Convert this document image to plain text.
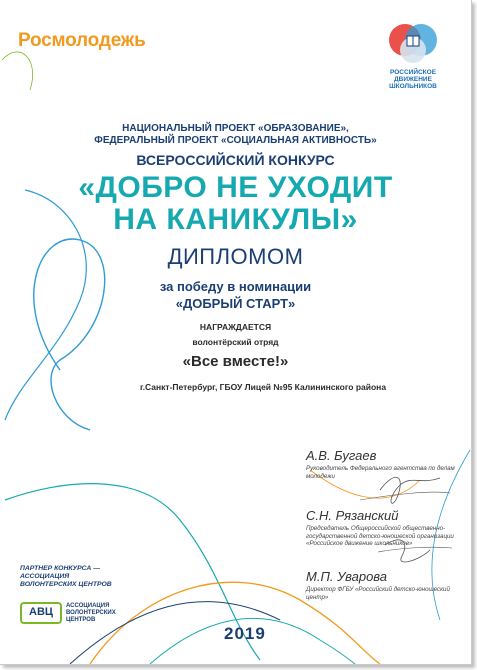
Росмолодежь
РОССИЙСКОЕ ДВИЖЕНИЕ ШКОЛЬНИКОВ
НАЦИОНАЛЬНЫЙ ПРОЕКТ «ОБРАЗОВАНИЕ»,
ФЕДЕРАЛЬНЫЙ ПРОЕКТ «СОЦИАЛЬНАЯ АКТИВНОСТЬ»
ВСЕРОССИЙСКИЙ КОНКУРС
«ДОБРО НЕ УХОДИТ
НА КАНИКУЛЫ»
ДИПЛОМОМ
за победу в номинации
«ДОБРЫЙ СТАРТ»
НАГРАЖДАЕТСЯ
волонтёрский отряд
«Все вместе!»
г.Санкт-Петербург, ГБОУ Лицей №95 Калининского района
А.В. Бугаев
Руководитель Федерального агентства по делам молодежи
С.Н. Рязанский
Председатель Общероссийской общественно-государственной детско-юношеской организации «Российское движение школьников»
М.П. Уварова
Директор ФГБУ «Российский детско-юношеский центр»
ПАРТНЕР КОНКУРСА —
АССОЦИАЦИЯ
ВОЛОНТЕРСКИХ ЦЕНТРОВ
АВЦ
АССОЦИАЦИЯ
ВОЛОНТЕРСКИХ
ЦЕНТРОВ
2019
